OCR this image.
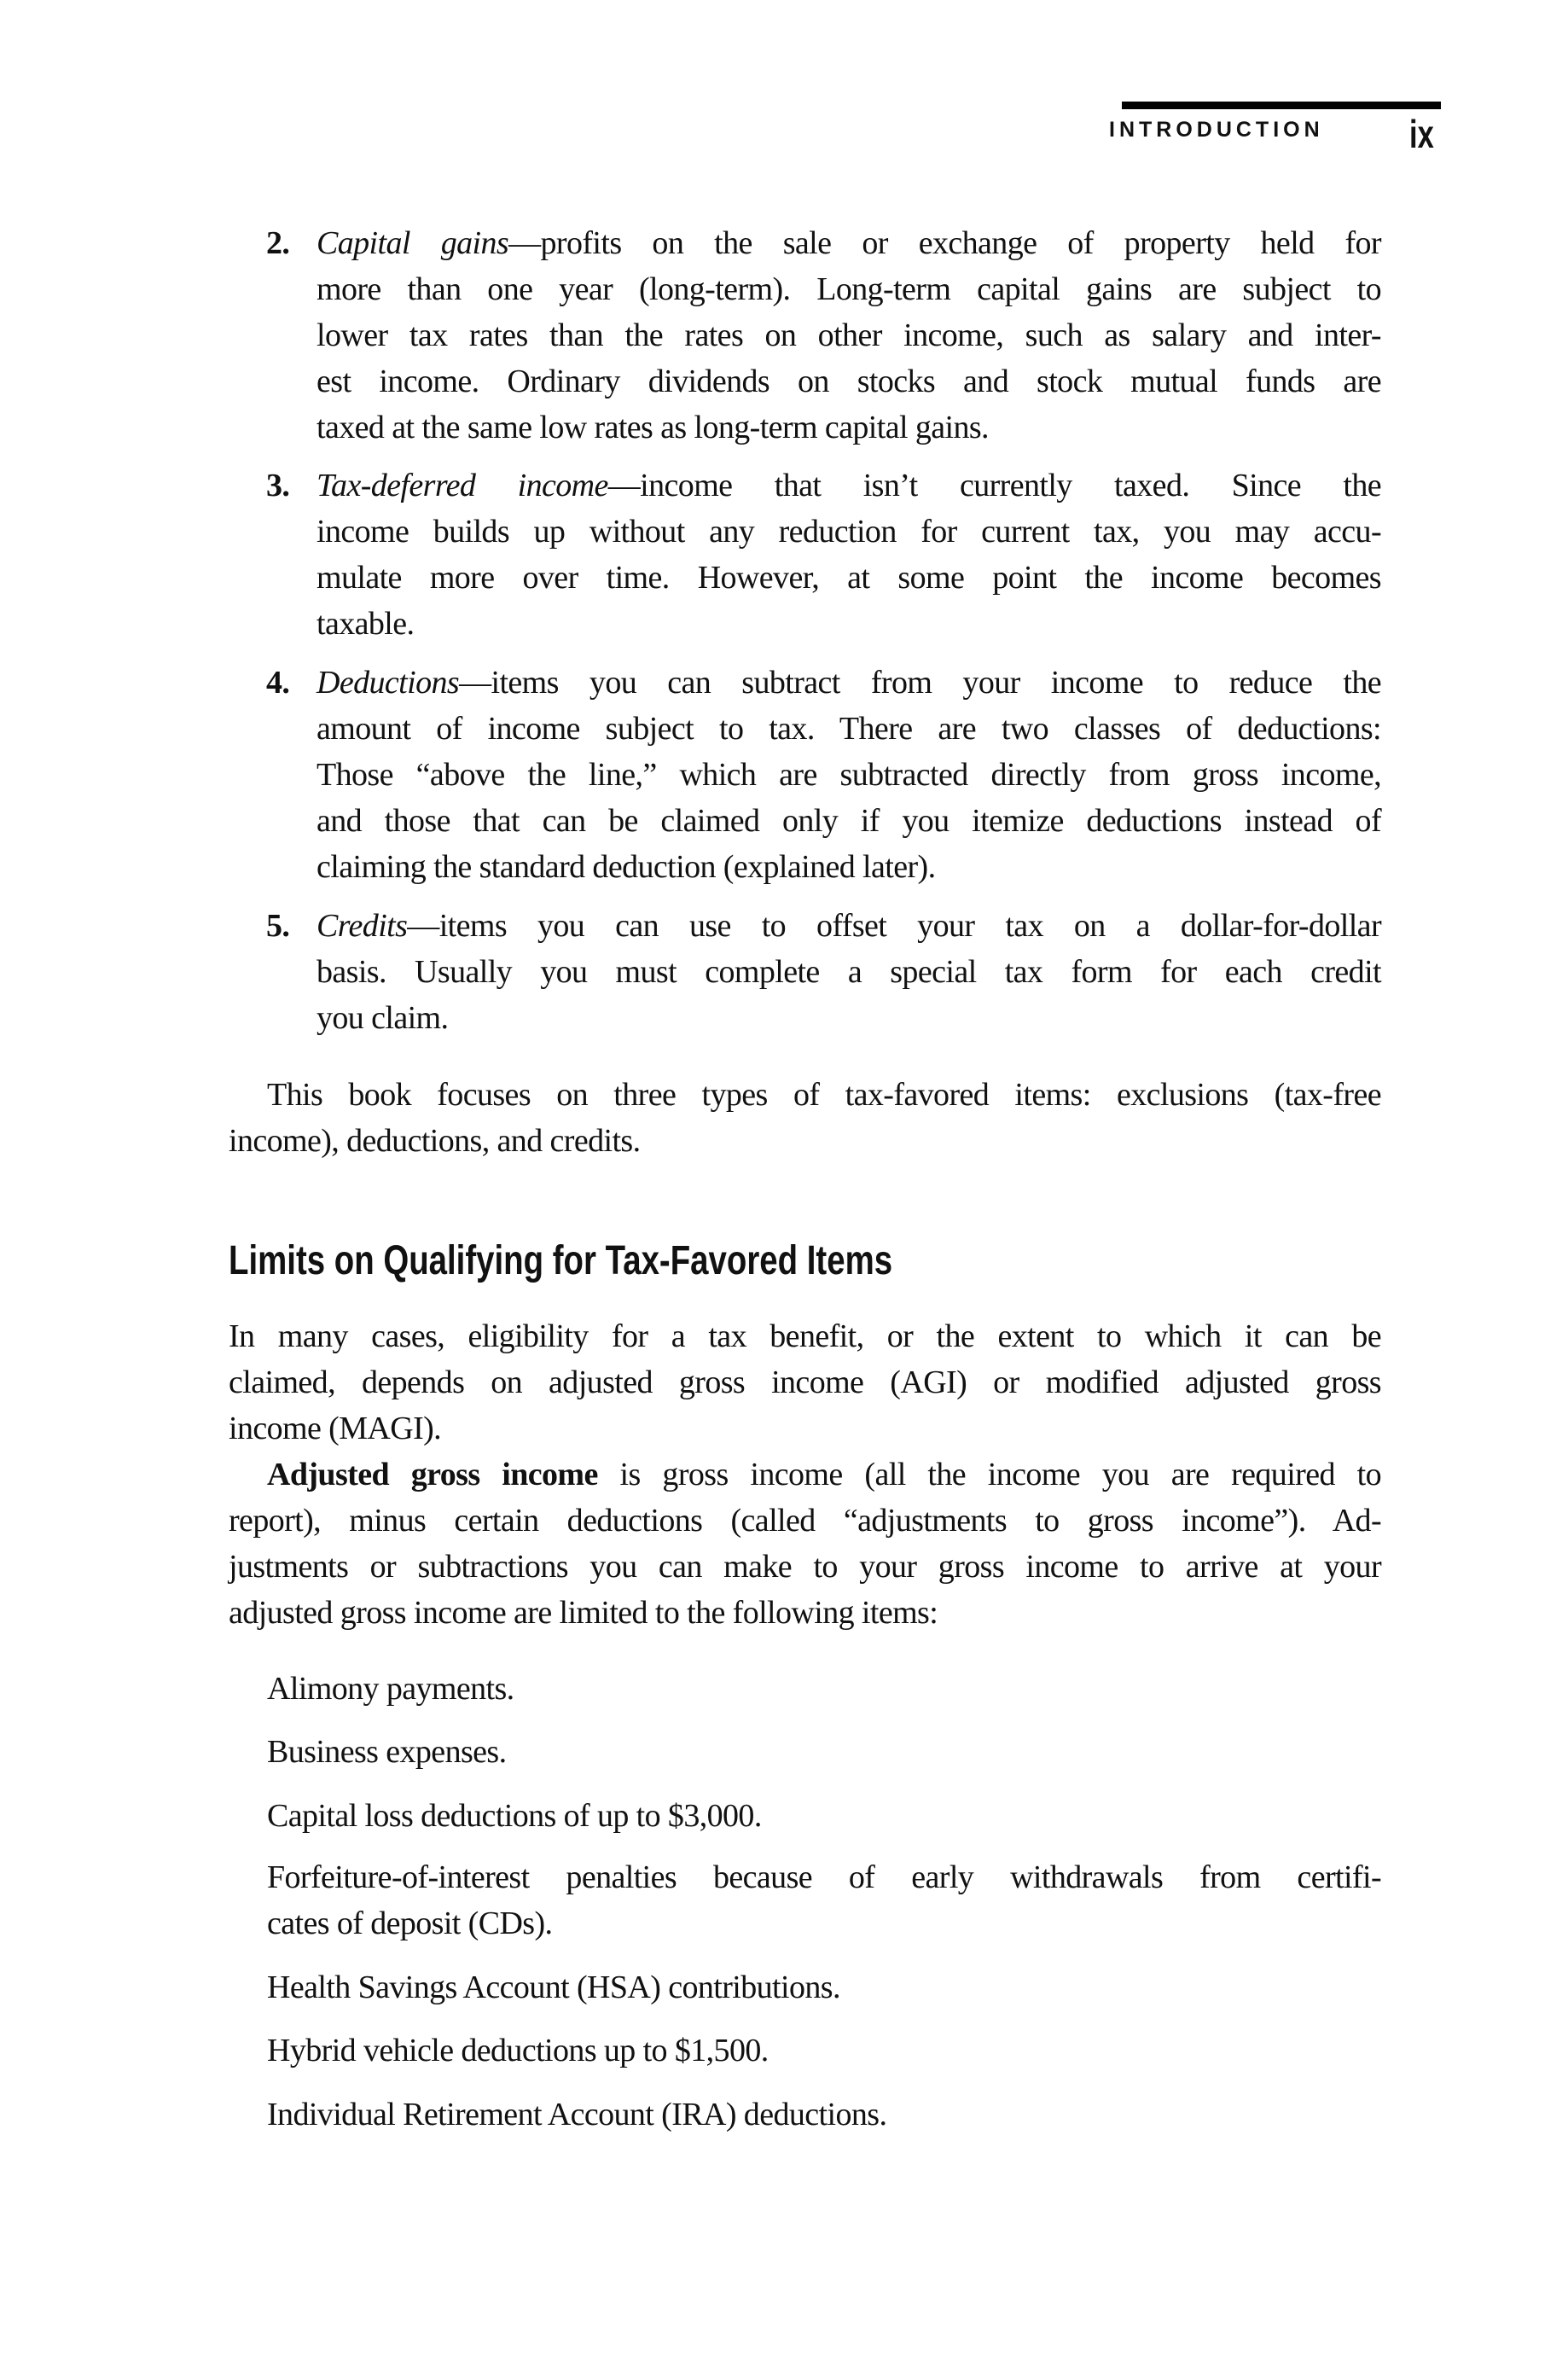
INTRODUCTION ix
2. Capital gains—profits on the sale or exchange of property held for
more than one year (long-term). Long-term capital gains are subject to
lower tax rates than the rates on other income, such as salary and inter-
est income. Ordinary dividends on stocks and stock mutual funds are
taxed at the same low rates as long-term capital gains.
3. Tax-deferred income—income that isn’t currently taxed. Since the
income builds up without any reduction for current tax, you may accu-
mulate more over time. However, at some point the income becomes
taxable.
4. Deductions—items you can subtract from your income to reduce the
amount of income subject to tax. There are two classes of deductions:
Those “above the line,” which are subtracted directly from gross income,
and those that can be claimed only if you itemize deductions instead of
claiming the standard deduction (explained later).
5. Credits—items you can use to offset your tax on a dollar-for-dollar
basis. Usually you must complete a special tax form for each credit
you claim.
This book focuses on three types of tax-favored items: exclusions (tax-free
income), deductions, and credits.
Limits on Qualifying for Tax-Favored Items
In many cases, eligibility for a tax benefit, or the extent to which it can be
claimed, depends on adjusted gross income (AGI) or modified adjusted gross
income (MAGI).
Adjusted gross income is gross income (all the income you are required to
report), minus certain deductions (called “adjustments to gross income”). Ad-
justments or subtractions you can make to your gross income to arrive at your
adjusted gross income are limited to the following items:
Alimony payments.
Business expenses.
Capital loss deductions of up to $3,000.
Forfeiture-of-interest penalties because of early withdrawals from certifi-
cates of deposit (CDs).
Health Savings Account (HSA) contributions.
Hybrid vehicle deductions up to $1,500.
Individual Retirement Account (IRA) deductions.
